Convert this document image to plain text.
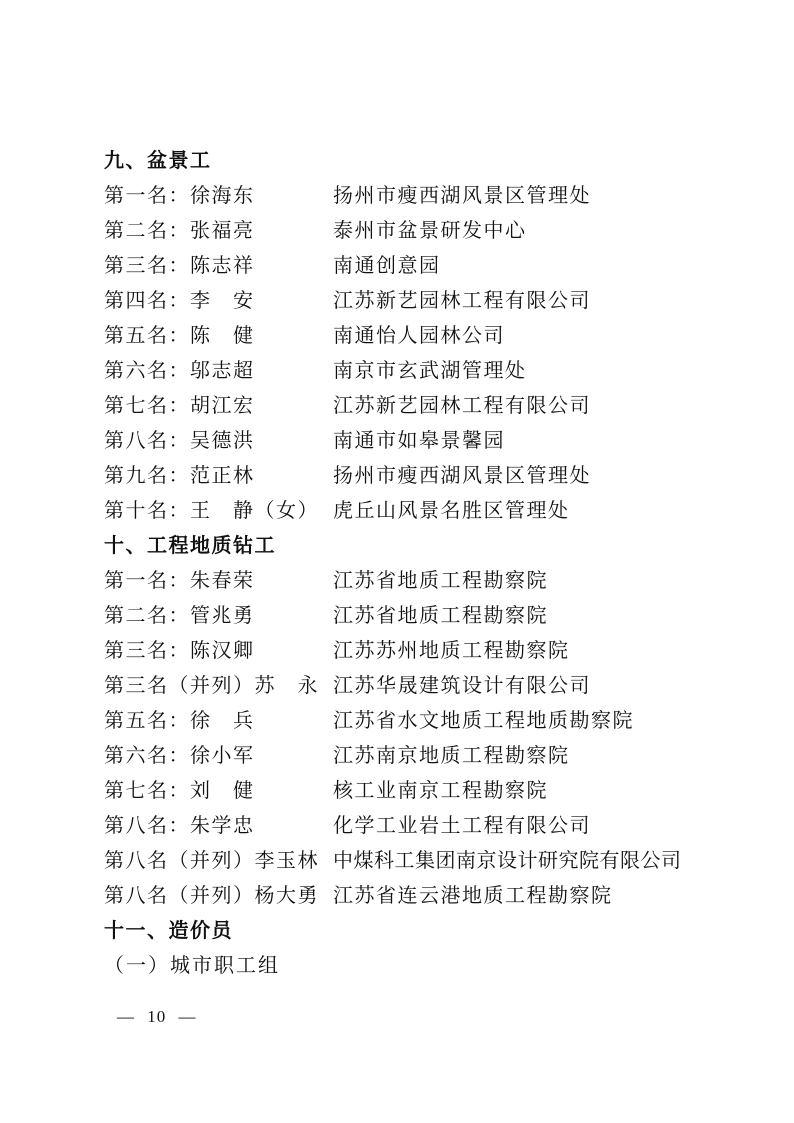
九、盆景工
第一名：徐海东	扬州市瘦西湖风景区管理处
第二名：张福亮	泰州市盆景研发中心
第三名：陈志祥	南通创意园
第四名：李　安	江苏新艺园林工程有限公司
第五名：陈　健	南通怡人园林公司
第六名：邬志超	南京市玄武湖管理处
第七名：胡江宏	江苏新艺园林工程有限公司
第八名：吴德洪	南通市如皋景馨园
第九名：范正林	扬州市瘦西湖风景区管理处
第十名：王　静（女） 虎丘山风景名胜区管理处
十、工程地质钻工
第一名：朱春荣	江苏省地质工程勘察院
第二名：管兆勇	江苏省地质工程勘察院
第三名：陈汉卿	江苏苏州地质工程勘察院
第三名（并列）苏　永 江苏华晟建筑设计有限公司
第五名：徐　兵	江苏省水文地质工程地质勘察院
第六名：徐小军	江苏南京地质工程勘察院
第七名：刘　健	核工业南京工程勘察院
第八名：朱学忠	化学工业岩土工程有限公司
第八名（并列）李玉林 中煤科工集团南京设计研究院有限公司
第八名（并列）杨大勇 江苏省连云港地质工程勘察院
十一、造价员
（一）城市职工组
— 10 —
